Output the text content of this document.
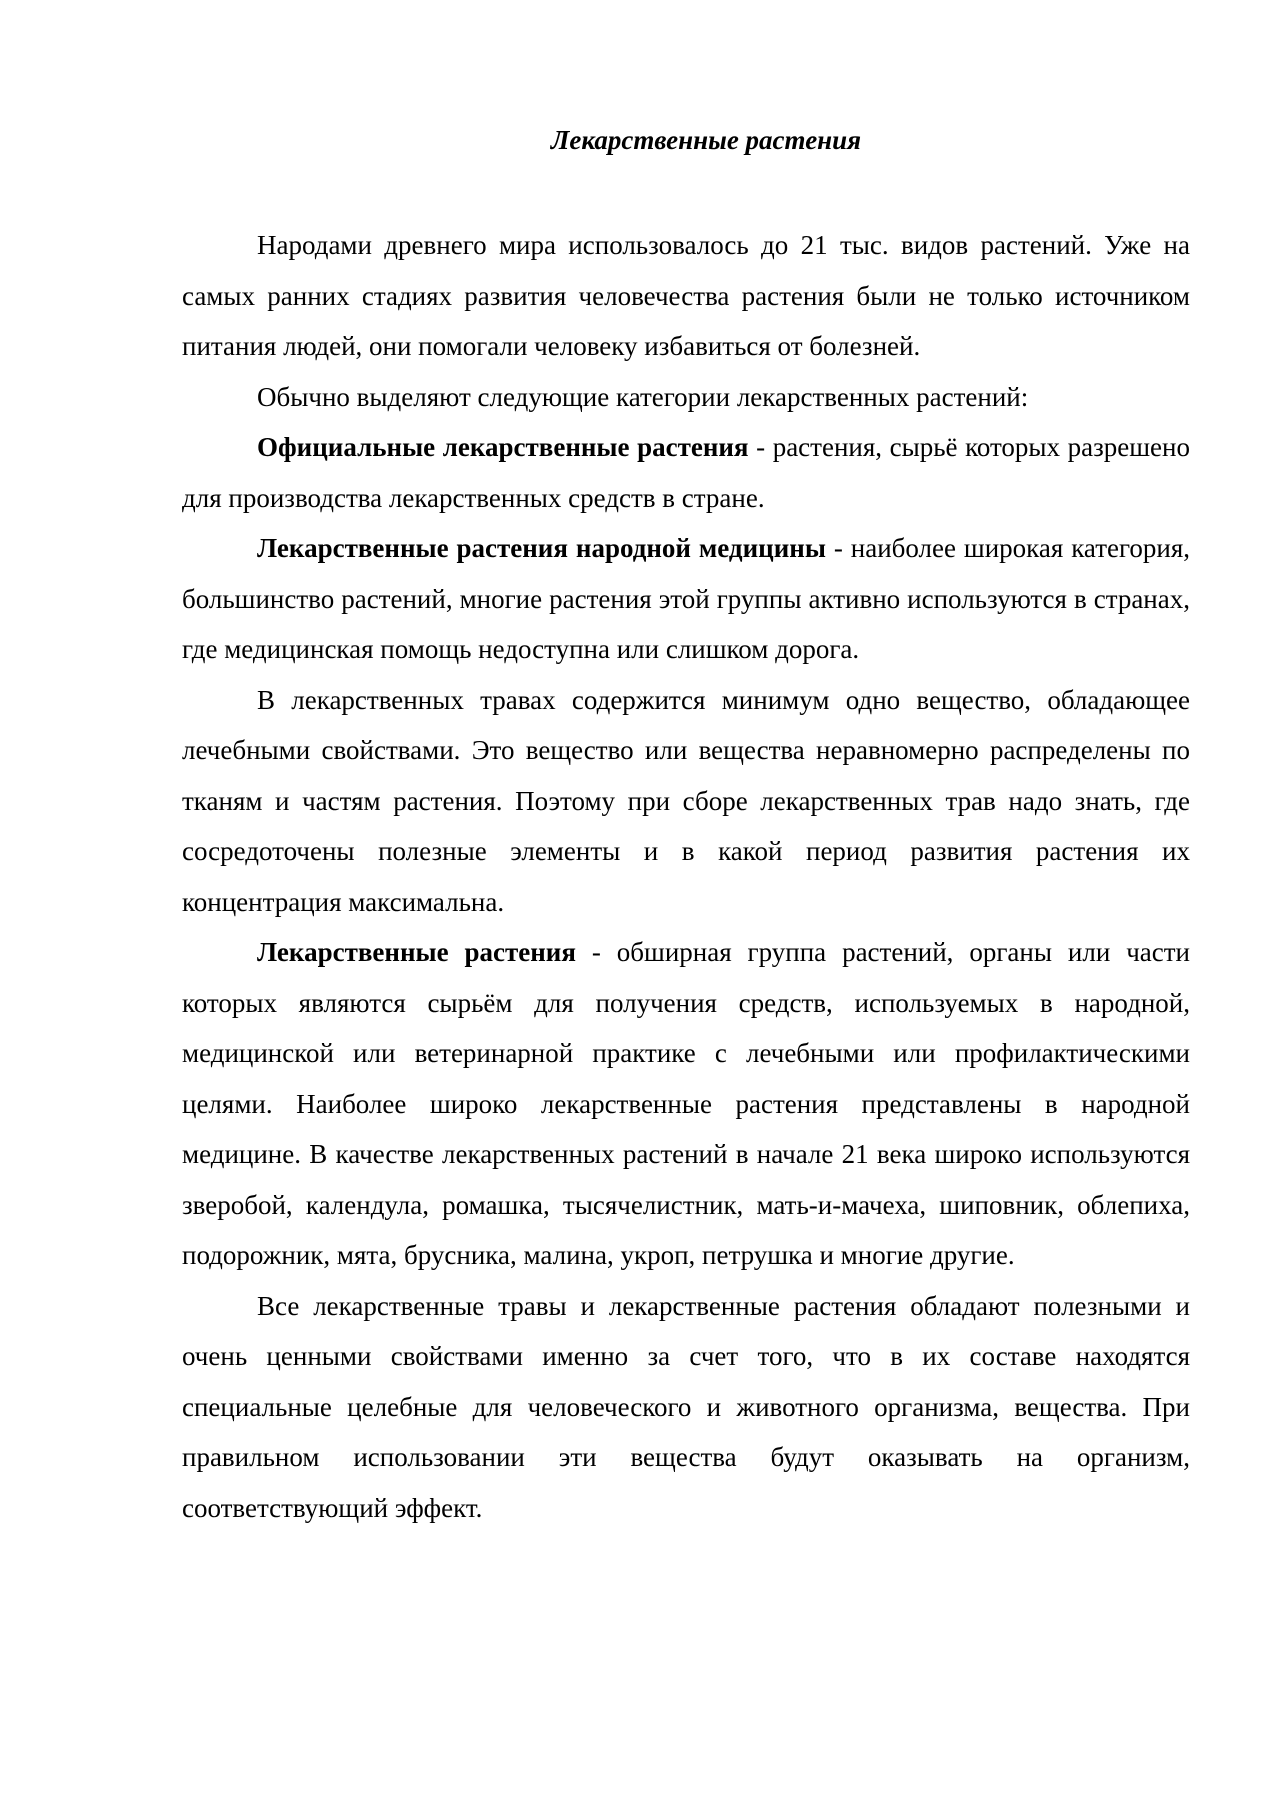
Лекарственные растения

Народами древнего мира использовалось до 21 тыс. видов растений. Уже на самых ранних стадиях развития человечества растения были не только источником питания людей, они помогали человеку избавиться от болезней.

Обычно выделяют следующие категории лекарственных растений:

Официальные лекарственные растения - растения, сырьё которых разрешено для производства лекарственных средств в стране.

Лекарственные растения народной медицины - наиболее широкая категория, большинство растений, многие растения этой группы активно используются в странах, где медицинская помощь недоступна или слишком дорога.

В лекарственных травах содержится минимум одно вещество, обладающее лечебными свойствами. Это вещество или вещества неравномерно распределены по тканям и частям растения. Поэтому при сборе лекарственных трав надо знать, где сосредоточены полезные элементы и в какой период развития растения их концентрация максимальна.

Лекарственные растения - обширная группа растений, органы или части которых являются сырьём для получения средств, используемых в народной, медицинской или ветеринарной практике с лечебными или профилактическими целями. Наиболее широко лекарственные растения представлены в народной медицине. В качестве лекарственных растений в начале 21 века широко используются зверобой, календула, ромашка, тысячелистник, мать-и-мачеха, шиповник, облепиха, подорожник, мята, брусника, малина, укроп, петрушка и многие другие.

Все лекарственные травы и лекарственные растения обладают полезными и очень ценными свойствами именно за счет того, что в их составе находятся специальные целебные для человеческого и животного организма, вещества. При правильном использовании эти вещества будут оказывать на организм, соответствующий эффект.
